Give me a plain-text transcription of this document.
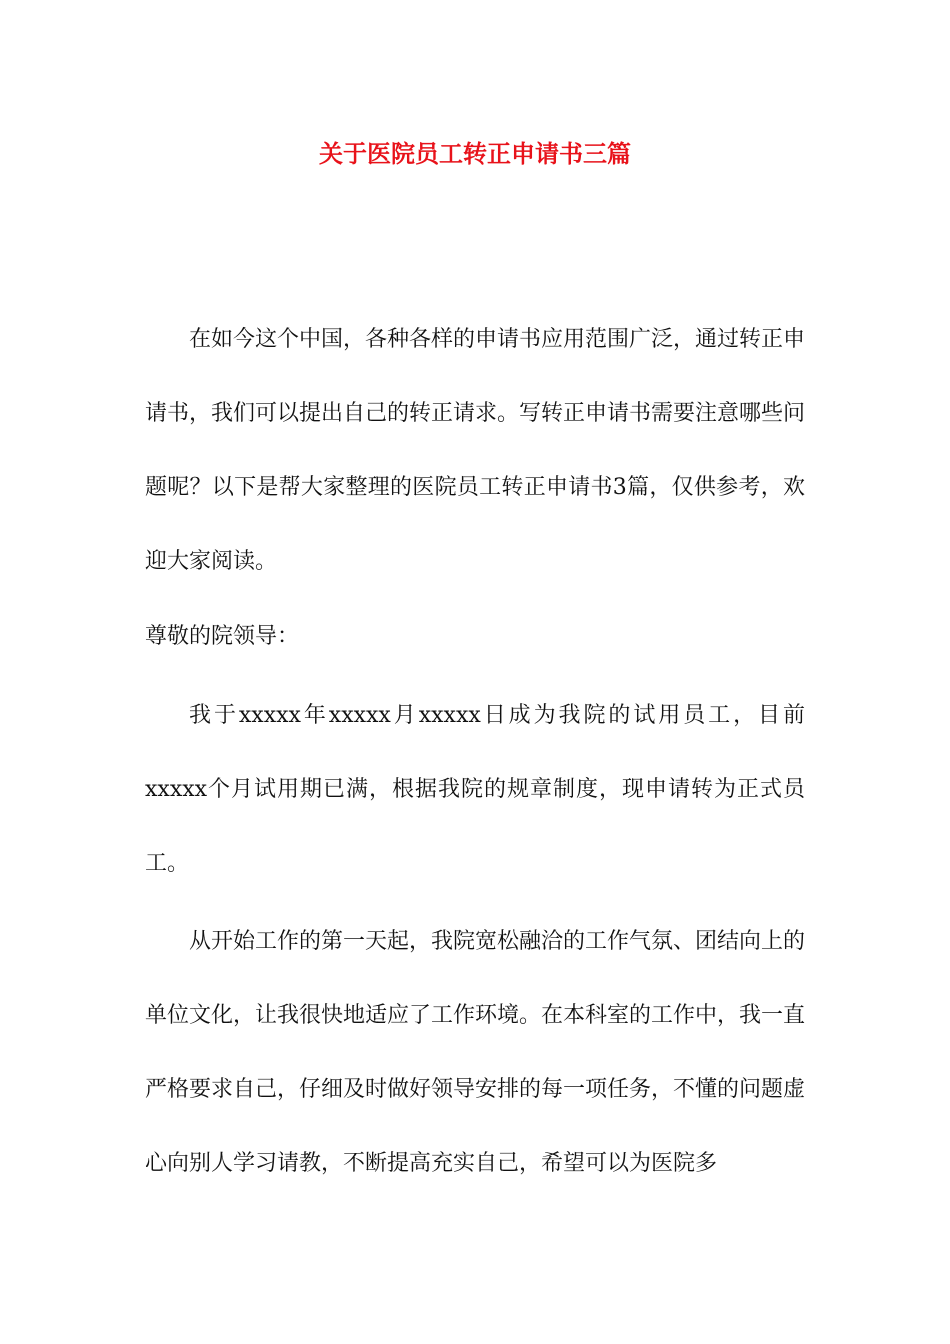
关于医院员工转正申请书三篇

在如今这个中国，各种各样的申请书应用范围广泛，通过转正申请书，我们可以提出自己的转正请求。写转正申请书需要注意哪些问题呢？以下是帮大家整理的医院员工转正申请书3篇，仅供参考，欢迎大家阅读。

尊敬的院领导：

我于xxxxx年xxxxx月xxxxx日成为我院的试用员工，目前xxxxx个月试用期已满，根据我院的规章制度，现申请转为正式员工。

从开始工作的第一天起，我院宽松融洽的工作气氛、团结向上的单位文化，让我很快地适应了工作环境。在本科室的工作中，我一直严格要求自己，仔细及时做好领导安排的每一项任务，不懂的问题虚心向别人学习请教，不断提高充实自己，希望可以为医院多
